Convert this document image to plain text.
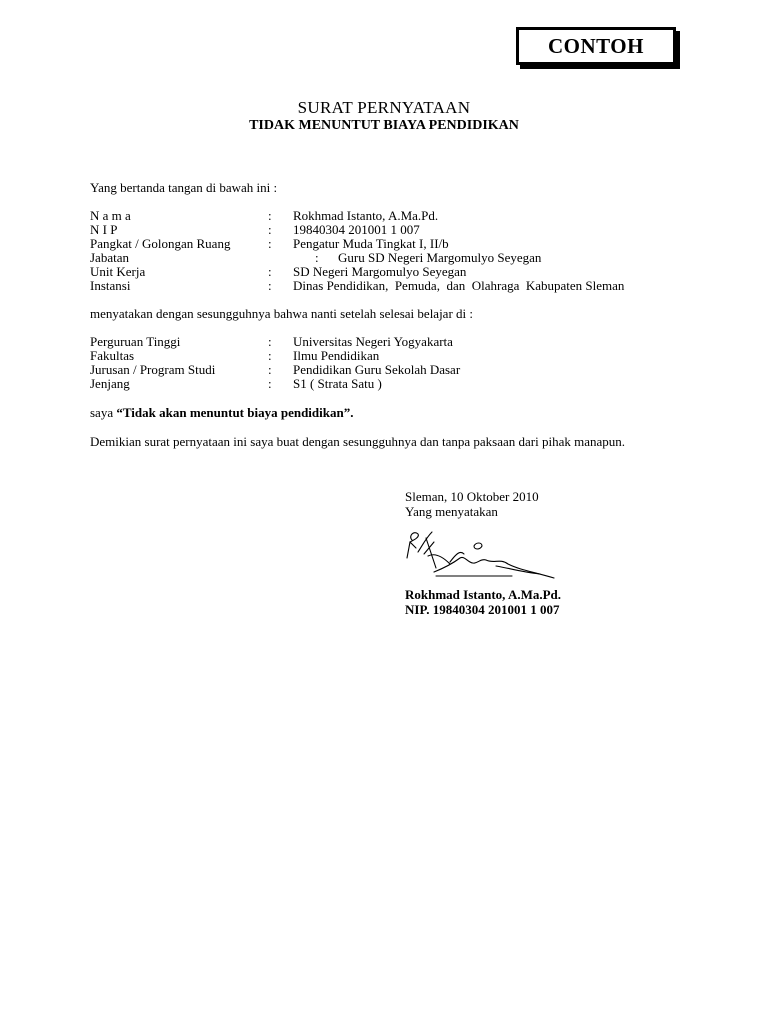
CONTOH
SURAT PERNYATAAN
TIDAK MENUNTUT BIAYA PENDIDIKAN
Yang bertanda tangan di bawah ini :
N a m a	: Rokhmad Istanto, A.Ma.Pd.
N I P	: 19840304 201001 1 007
Pangkat / Golongan Ruang	: Pengatur Muda Tingkat I, II/b
Jabatan	: Guru SD Negeri Margomulyo Seyegan
Unit Kerja	: SD Negeri Margomulyo Seyegan
Instansi	: Dinas Pendidikan,  Pemuda,  dan  Olahraga  Kabupaten Sleman
menyatakan dengan sesungguhnya bahwa nanti setelah selesai belajar di :
Perguruan Tinggi	: Universitas Negeri Yogyakarta
Fakultas	: Ilmu Pendidikan
Jurusan / Program Studi	: Pendidikan Guru Sekolah Dasar
Jenjang	: S1 ( Strata Satu )
saya “Tidak akan menuntut biaya pendidikan”.
Demikian surat pernyataan ini saya buat dengan sesungguhnya dan tanpa paksaan dari pihak manapun.
Sleman, 10 Oktober 2010
Yang menyatakan
Rokhmad Istanto, A.Ma.Pd.
NIP. 19840304 201001 1 007
